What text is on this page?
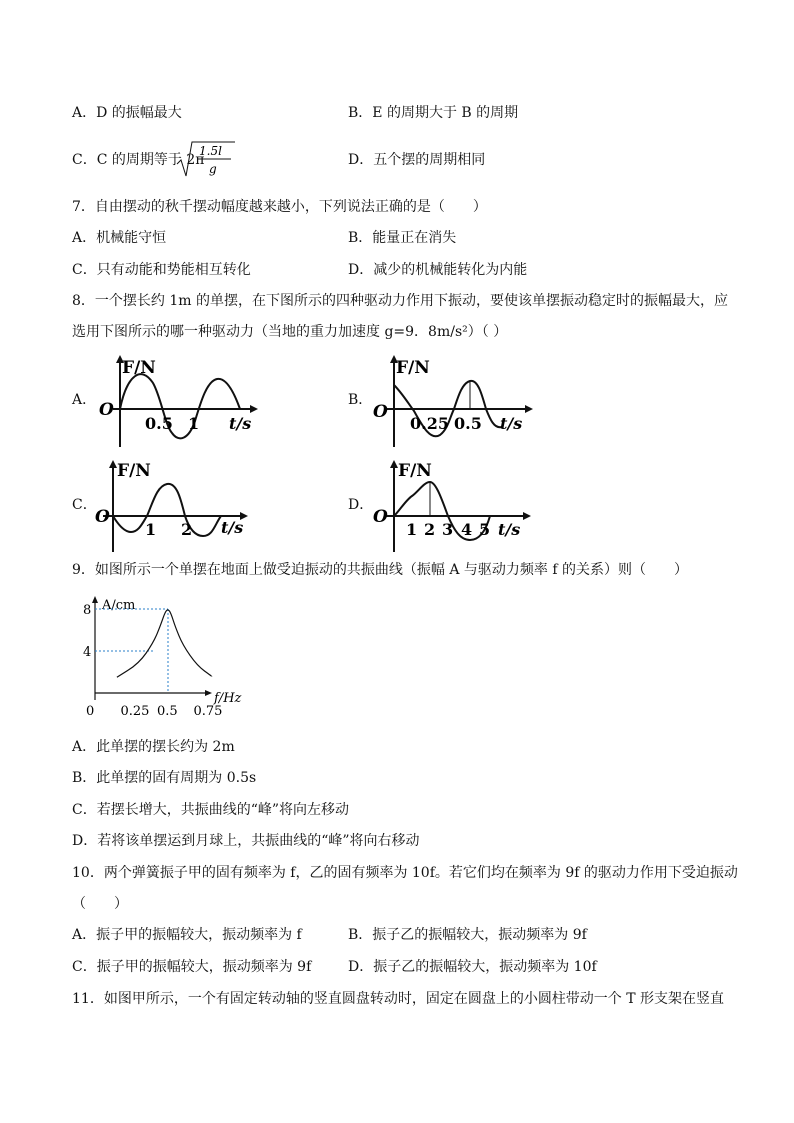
A．D 的振幅最大	B．E 的周期大于 B 的周期
C．C 的周期等于 2π
1.5l
g
D．五个摆的周期相同
7．自由摆动的秋千摆动幅度越来越小，下列说法正确的是（　　）
A．机械能守恒	B．能量正在消失
C．只有动能和势能相互转化	D．减少的机械能转化为内能
8．一个摆长约 1m 的单摆，在下图所示的四种驱动力作用下振动，要使该单摆振动稳定时的振幅最大，应
选用下图所示的哪一种驱动力（当地的重力加速度 g=9．8m/s²）（ ）
A．	B．
C．	D．
F/N
O
0.5 1 t/s
F/N
O
0.25 0.5 t/s
F/N
O
1 2 t/s
F/N
O
1 2 3 4 5 t/s
9．如图所示一个单摆在地面上做受迫振动的共振曲线（振幅 A 与驱动力频率 f 的关系）则（　　）
A/cm
f/Hz
0 0.25 0.5 0.75
4
8
A．此单摆的摆长约为 2m
B．此单摆的固有周期为 0.5s
C．若摆长增大，共振曲线的“峰”将向左移动
D．若将该单摆运到月球上，共振曲线的“峰”将向右移动
10．两个弹簧振子甲的固有频率为 f，乙的固有频率为 10f。若它们均在频率为 9f 的驱动力作用下受迫振动
（　　）
A．振子甲的振幅较大，振动频率为 f	B．振子乙的振幅较大，振动频率为 9f
C．振子甲的振幅较大，振动频率为 9f	D．振子乙的振幅较大，振动频率为 10f
11．如图甲所示，一个有固定转动轴的竖直圆盘转动时，固定在圆盘上的小圆柱带动一个 T 形支架在竖直
